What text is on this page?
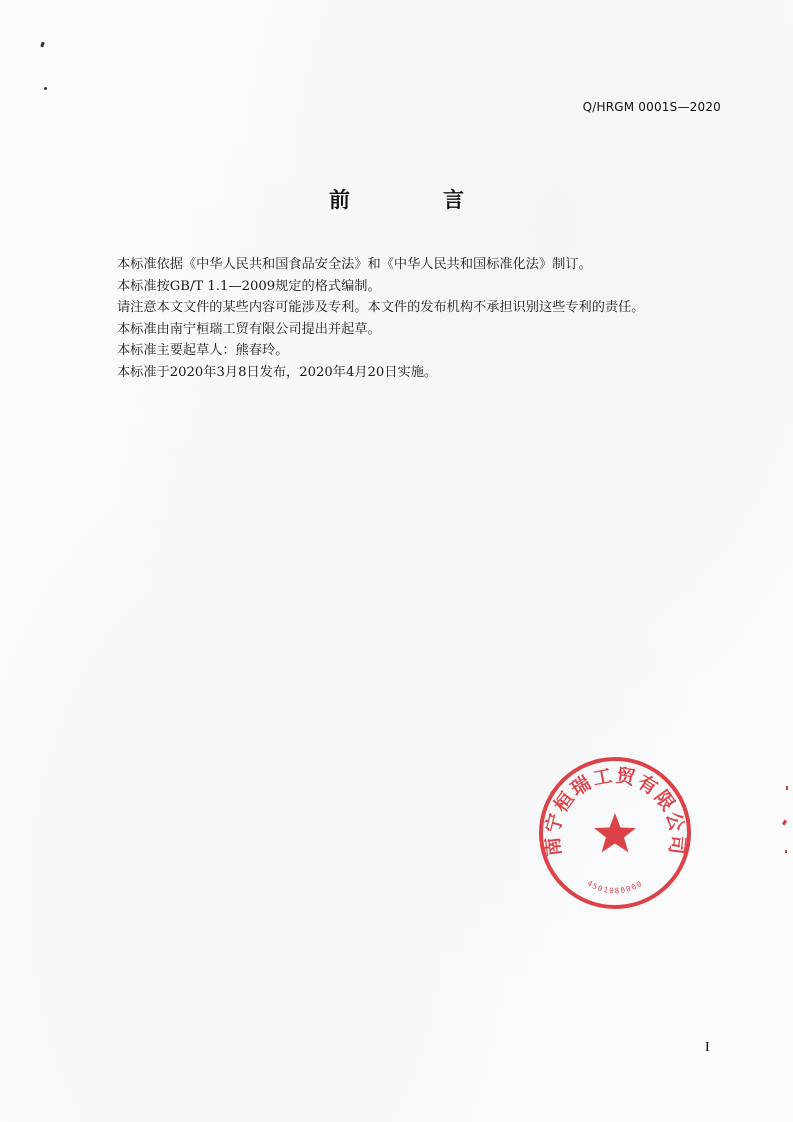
Q/HRGM 0001S—2020
前　言

本标准依据《中华人民共和国食品安全法》和《中华人民共和国标准化法》制订。

本标准按GB/T 1.1—2009规定的格式编制。

请注意本文文件的某些内容可能涉及专利。本文件的发布机构不承担识别这些专利的责任。

本标准由南宁桓瑞工贸有限公司提出并起草。

本标准主要起草人：熊春玲。

本标准于2020年3月8日发布，2020年4月20日实施。

南宁桓瑞工贸有限公司
4501080000
I
